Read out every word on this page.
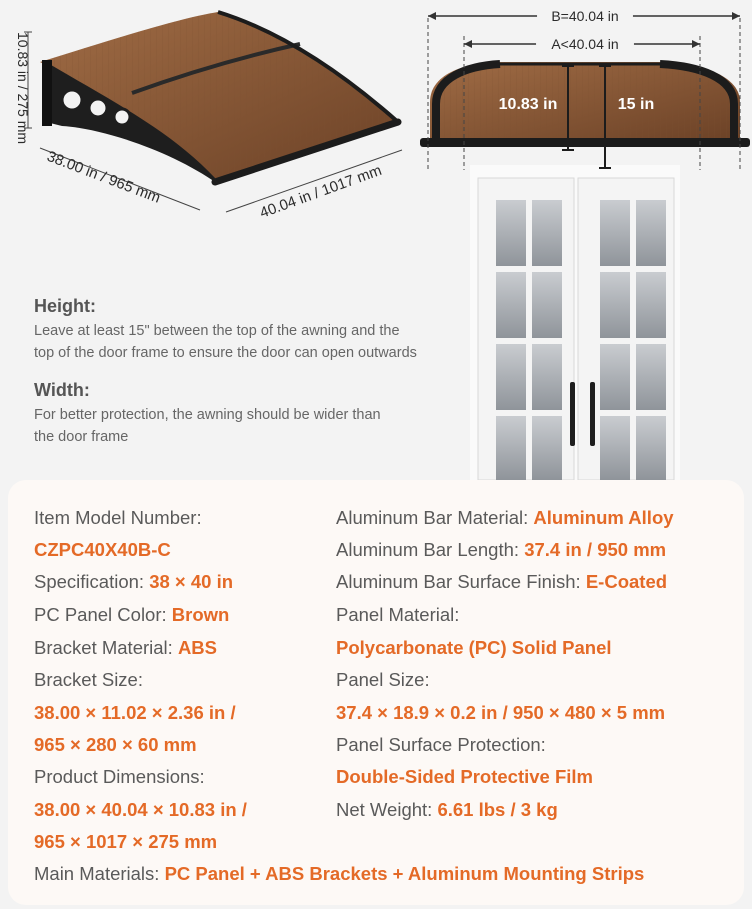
10.83 in / 275 mm
38.00 in / 965 mm	40.04 in / 1017 mm
B=40.04 in
A<40.04 in
10.83 in	15 in
Height:
Leave at least 15" between the top of the awning and the
top of the door frame to ensure the door can open outwards
Width:
For better protection, the awning should be wider than
the door frame
Item Model Number:
CZPC40X40B-C
Specification: 38 × 40 in
PC Panel Color: Brown
Bracket Material: ABS
Bracket Size:
38.00 × 11.02 × 2.36 in /
965 × 280 × 60 mm
Product Dimensions:
38.00 × 40.04 × 10.83 in /
965 × 1017 × 275 mm
Aluminum Bar Material: Aluminum Alloy
Aluminum Bar Length: 37.4 in / 950 mm
Aluminum Bar Surface Finish: E-Coated
Panel Material:
Polycarbonate (PC) Solid Panel
Panel Size:
37.4 × 18.9 × 0.2 in / 950 × 480 × 5 mm
Panel Surface Protection:
Double-Sided Protective Film
Net Weight: 6.61 lbs / 3 kg
Main Materials: PC Panel + ABS Brackets + Aluminum Mounting Strips
